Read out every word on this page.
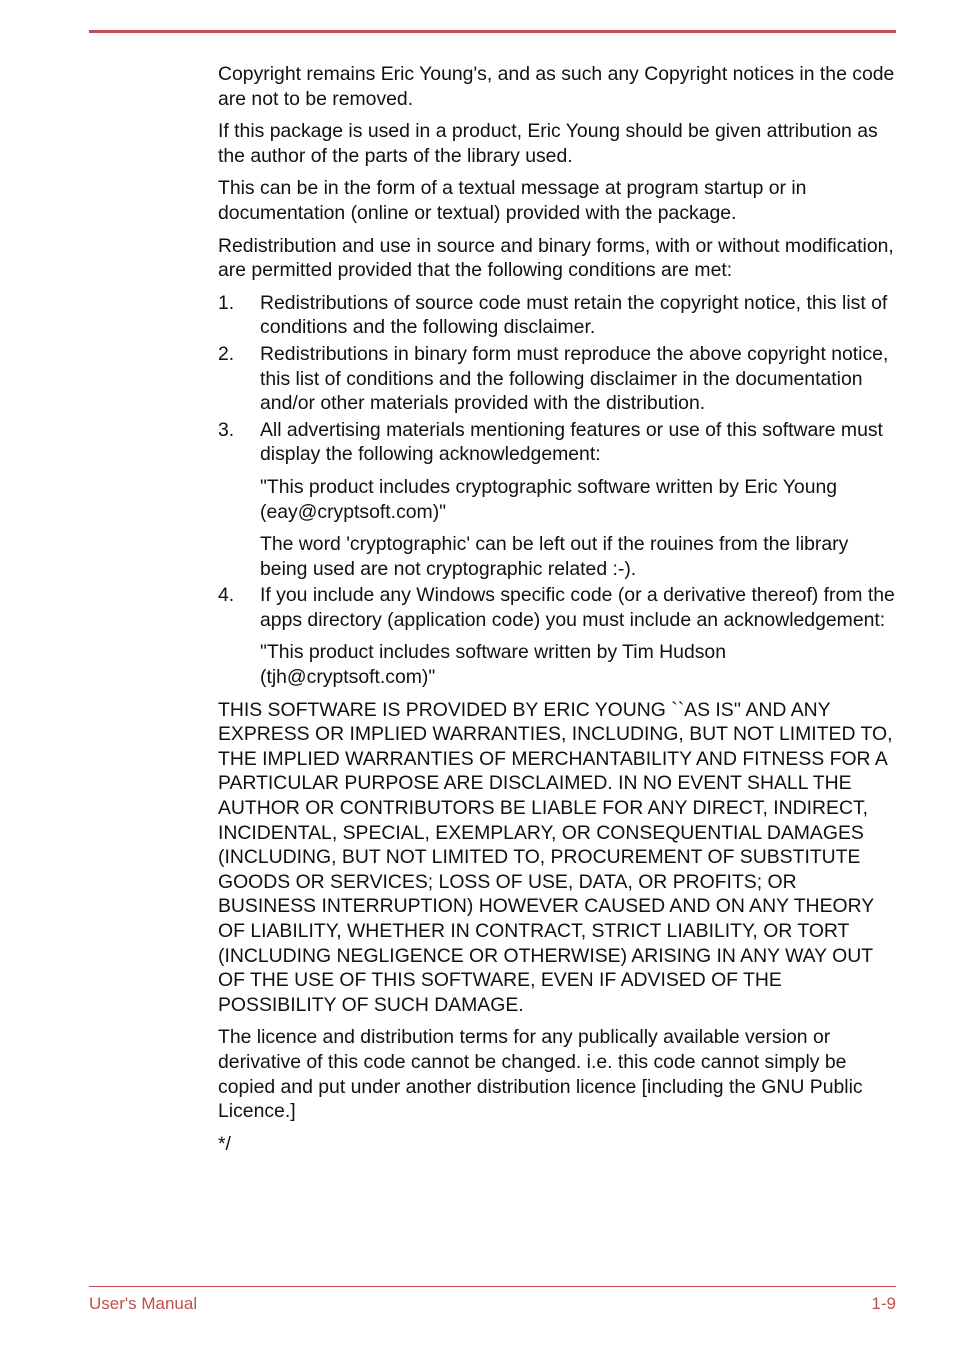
Copyright remains Eric Young's, and as such any Copyright notices in the code are not to be removed.

If this package is used in a product, Eric Young should be given attribution as the author of the parts of the library used.

This can be in the form of a textual message at program startup or in documentation (online or textual) provided with the package.

Redistribution and use in source and binary forms, with or without modification, are permitted provided that the following conditions are met:

1.	Redistributions of source code must retain the copyright notice, this list of conditions and the following disclaimer.

2.	Redistributions in binary form must reproduce the above copyright notice, this list of conditions and the following disclaimer in the documentation and/or other materials provided with the distribution.

3.	All advertising materials mentioning features or use of this software must display the following acknowledgement:

"This product includes cryptographic software written by Eric Young (eay@cryptsoft.com)"

The word 'cryptographic' can be left out if the rouines from the library being used are not cryptographic related :-).

4.	If you include any Windows specific code (or a derivative thereof) from the apps directory (application code) you must include an acknowledgement:

"This product includes software written by Tim Hudson (tjh@cryptsoft.com)"

THIS SOFTWARE IS PROVIDED BY ERIC YOUNG ``AS IS'' AND ANY EXPRESS OR IMPLIED WARRANTIES, INCLUDING, BUT NOT LIMITED TO, THE IMPLIED WARRANTIES OF MERCHANTABILITY AND FITNESS FOR A PARTICULAR PURPOSE ARE DISCLAIMED. IN NO EVENT SHALL THE AUTHOR OR CONTRIBUTORS BE LIABLE FOR ANY DIRECT, INDIRECT, INCIDENTAL, SPECIAL, EXEMPLARY, OR CONSEQUENTIAL DAMAGES (INCLUDING, BUT NOT LIMITED TO, PROCUREMENT OF SUBSTITUTE GOODS OR SERVICES; LOSS OF USE, DATA, OR PROFITS; OR BUSINESS INTERRUPTION) HOWEVER CAUSED AND ON ANY THEORY OF LIABILITY, WHETHER IN CONTRACT, STRICT LIABILITY, OR TORT (INCLUDING NEGLIGENCE OR OTHERWISE) ARISING IN ANY WAY OUT OF THE USE OF THIS SOFTWARE, EVEN IF ADVISED OF THE POSSIBILITY OF SUCH DAMAGE.

The licence and distribution terms for any publically available version or derivative of this code cannot be changed. i.e. this code cannot simply be copied and put under another distribution licence [including the GNU Public Licence.]

*/

User's Manual	1-9
